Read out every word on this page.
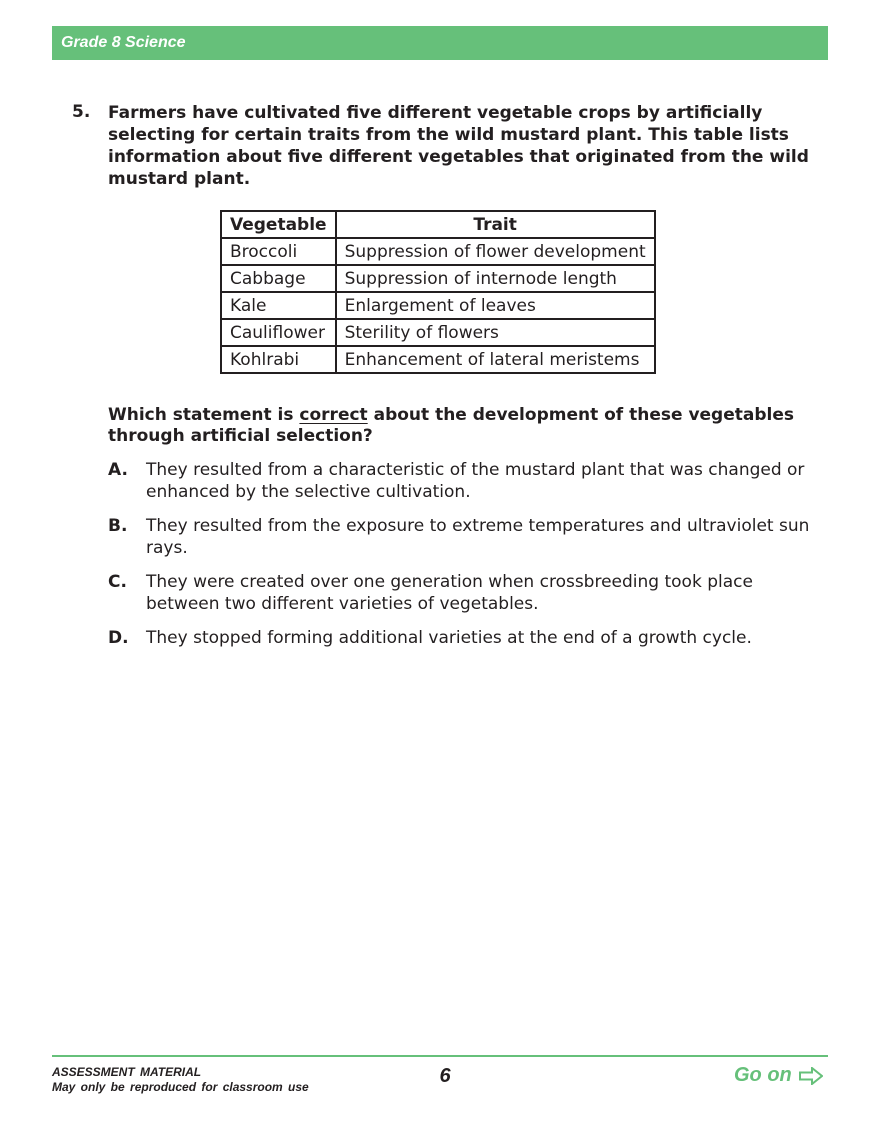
Grade 8 Science
5. Farmers have cultivated five different vegetable crops by artificially selecting for certain traits from the wild mustard plant. This table lists information about five different vegetables that originated from the wild mustard plant.
Vegetable	Trait
Broccoli	Suppression of flower development
Cabbage	Suppression of internode length
Kale	Enlargement of leaves
Cauliflower	Sterility of flowers
Kohlrabi	Enhancement of lateral meristems
Which statement is correct about the development of these vegetables through artificial selection?
A. They resulted from a characteristic of the mustard plant that was changed or enhanced by the selective cultivation.
B. They resulted from the exposure to extreme temperatures and ultraviolet sun rays.
C. They were created over one generation when crossbreeding took place between two different varieties of vegetables.
D. They stopped forming additional varieties at the end of a growth cycle.
ASSESSMENT MATERIAL
May only be reproduced for classroom use	6	Go on
